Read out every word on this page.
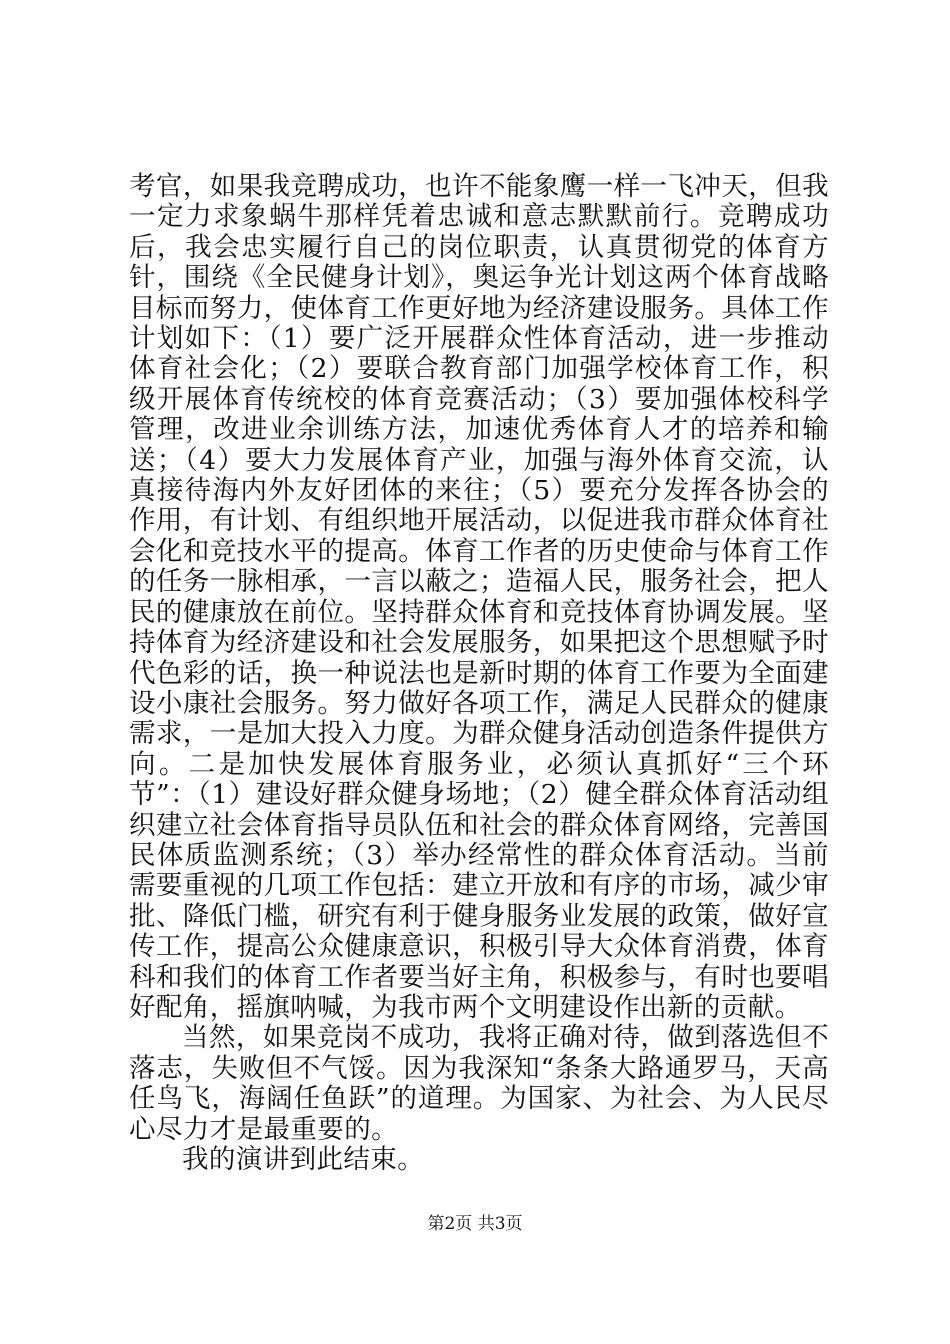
考官，如果我竞聘成功，也许不能象鹰一样一飞冲天，但我一定力求象蜗牛那样凭着忠诚和意志默默前行。竞聘成功后，我会忠实履行自己的岗位职责，认真贯彻党的体育方针，围绕《全民健身计划》，奥运争光计划这两个体育战略目标而努力，使体育工作更好地为经济建设服务。具体工作计划如下：（1）要广泛开展群众性体育活动，进一步推动体育社会化；（2）要联合教育部门加强学校体育工作，积级开展体育传统校的体育竞赛活动；（3）要加强体校科学管理，改进业余训练方法，加速优秀体育人才的培养和输送；（4）要大力发展体育产业，加强与海外体育交流，认真接待海内外友好团体的来往；（5）要充分发挥各协会的作用，有计划、有组织地开展活动，以促进我市群众体育社会化和竞技水平的提高。体育工作者的历史使命与体育工作的任务一脉相承，一言以蔽之；造福人民，服务社会，把人民的健康放在前位。坚持群众体育和竞技体育协调发展。坚持体育为经济建设和社会发展服务，如果把这个思想赋予时代色彩的话，换一种说法也是新时期的体育工作要为全面建设小康社会服务。努力做好各项工作，满足人民群众的健康需求，一是加大投入力度。为群众健身活动创造条件提供方向。二是加快发展体育服务业，必须认真抓好“三个环节”：（1）建设好群众健身场地；（2）健全群众体育活动组织建立社会体育指导员队伍和社会的群众体育网络，完善国民体质监测系统；（3）举办经常性的群众体育活动。当前需要重视的几项工作包括：建立开放和有序的市场，减少审批、降低门槛，研究有利于健身服务业发展的政策，做好宣传工作，提高公众健康意识，积极引导大众体育消费，体育科和我们的体育工作者要当好主角，积极参与，有时也要唱好配角，摇旗呐喊，为我市两个文明建设作出新的贡献。

当然，如果竞岗不成功，我将正确对待，做到落选但不落志，失败但不气馁。因为我深知“条条大路通罗马，天高任鸟飞，海阔任鱼跃”的道理。为国家、为社会、为人民尽心尽力才是最重要的。

我的演讲到此结束。

第2页 共3页
